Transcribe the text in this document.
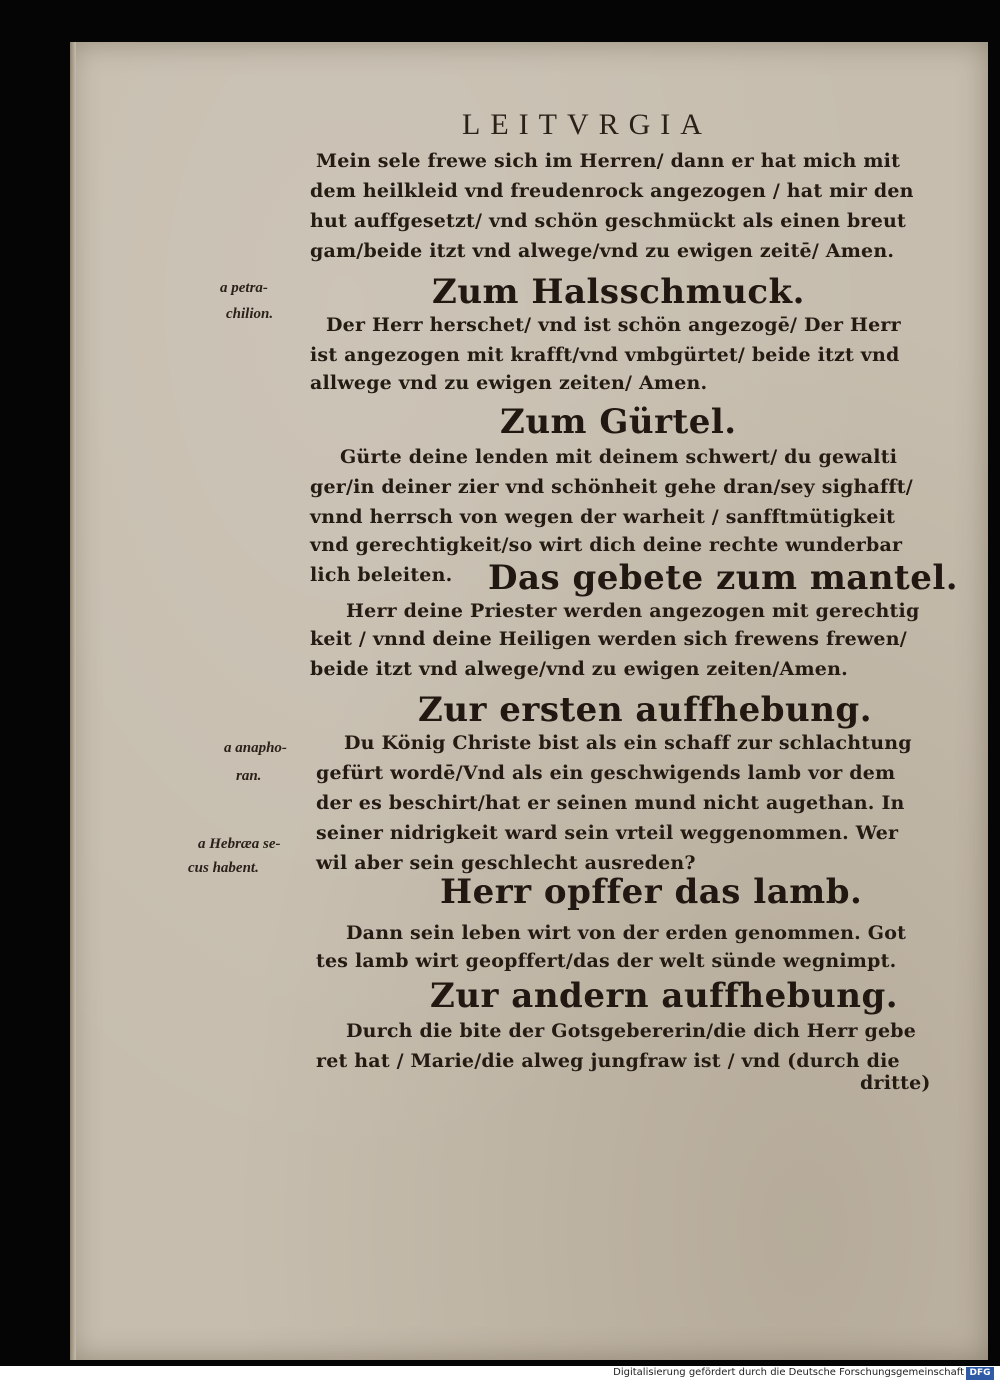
LEITVRGIA
Mein sele frewe sich im Herren/ dann er hat mich mit
dem heilkleid vnd freudenrock angezogen / hat mir den
hut auffgesetzt/ vnd schön geschmückt als einen breut
gam/beide itzt vnd alwege/vnd zu ewigen zeitē/ Amen.
Zum Halsschmuck.
Der Herr herschet/ vnd ist schön angezogē/ Der Herr
ist angezogen mit krafft/vnd vmbgürtet/ beide itzt vnd
allwege vnd zu ewigen zeiten/ Amen.
Zum Gürtel.
Gürte deine lenden mit deinem schwert/ du gewalti
ger/in deiner zier vnd schönheit gehe dran/sey sighafft/
vnnd herrsch von wegen der warheit / sanfftmütigkeit
vnd gerechtigkeit/so wirt dich deine rechte wunderbar
lich beleiten. Das gebete zum mantel.
Herr deine Priester werden angezogen mit gerechtig
keit / vnnd deine Heiligen werden sich frewens frewen/
beide itzt vnd alwege/vnd zu ewigen zeiten/Amen.
Zur ersten auffhebung.
Du König Christe bist als ein schaff zur schlachtung
gefürt wordē/Vnd als ein geschwigends lamb vor dem
der es beschirt/hat er seinen mund nicht augethan. In
seiner nidrigkeit ward sein vrteil weggenommen. Wer
wil aber sein geschlecht ausreden?
Herr opffer das lamb.
Dann sein leben wirt von der erden genommen. Got
tes lamb wirt geopffert/das der welt sünde wegnimpt.
Zur andern auffhebung.
Durch die bite der Gotsgebererin/die dich Herr gebe
ret hat / Marie/die alweg jungfraw ist / vnd (durch die
dritte)
a petra-
chilion.
a anapho-
ran.
a Hebræa se-
cus habent.
Digitalisierung gefördert durch die Deutsche Forschungsgemeinschaft DFG
